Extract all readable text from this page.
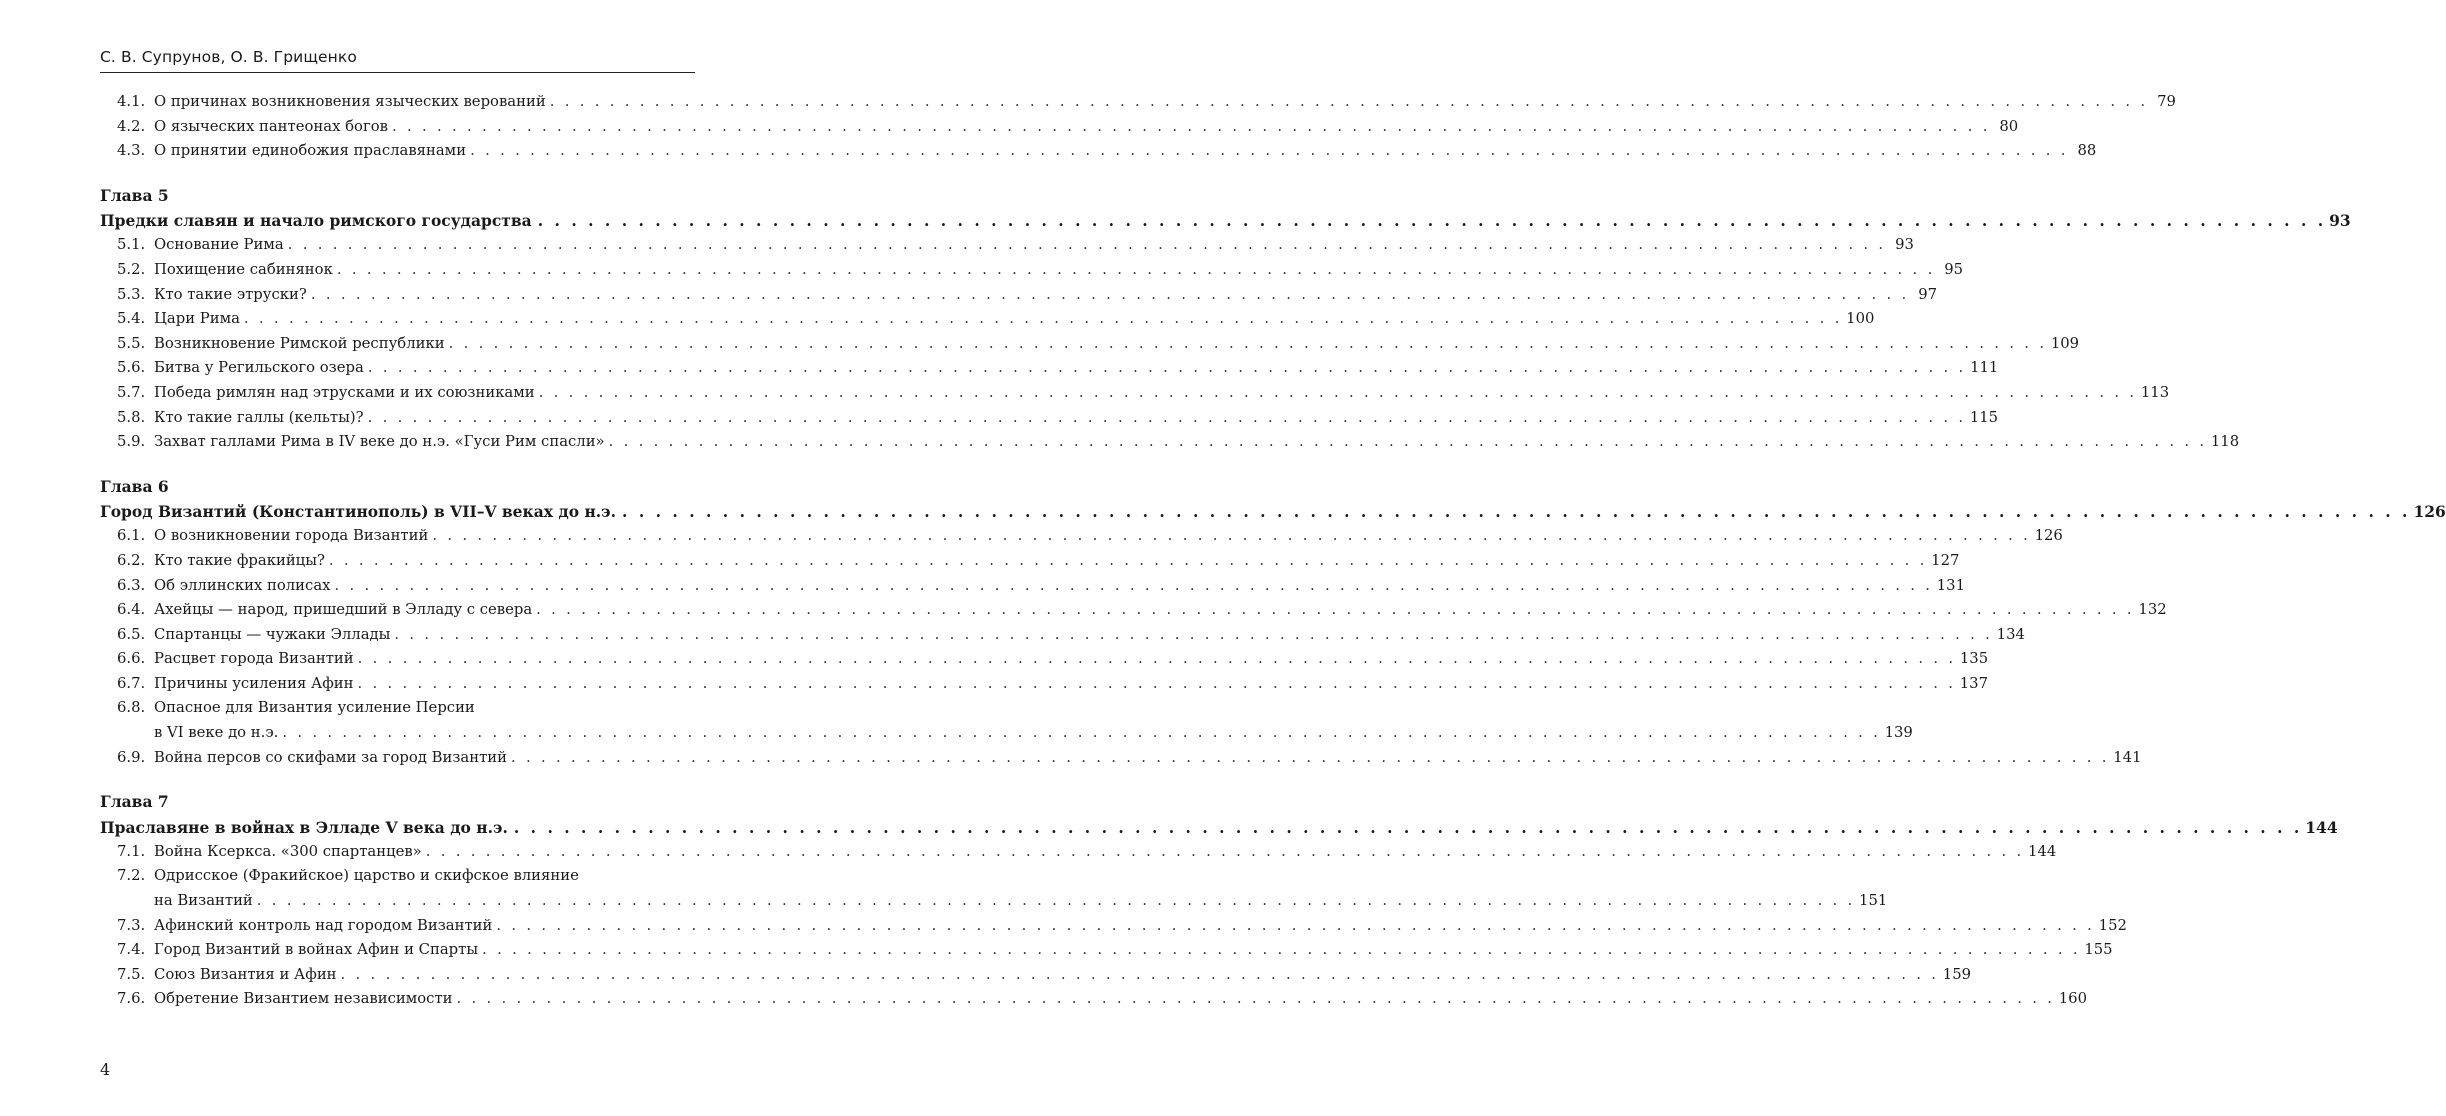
С. В. Супрунов, О. В. Грищенко
4.1. О причинах возникновения языческих верований . . . . . . . . . . . . . . . . . . . . . . . . . . . . . . . . . . . . . . . . . . . . . . . . . . . . . . . . . . . . . . . . . . . . . . . . . . . . . . . . . . . . . . . . . . . . . . . . . . . . . . . . . . . 79
4.2. О языческих пантеонах богов . . . . . . . . . . . . . . . . . . . . . . . . . . . . . . . . . . . . . . . . . . . . . . . . . . . . . . . . . . . . . . . . . . . . . . . . . . . . . . . . . . . . . . . . . . . . . . . . . . . . . . . . . . . 80
4.3. О принятии единобожия праславянами . . . . . . . . . . . . . . . . . . . . . . . . . . . . . . . . . . . . . . . . . . . . . . . . . . . . . . . . . . . . . . . . . . . . . . . . . . . . . . . . . . . . . . . . . . . . . . . . . . . . . . . . . . . 88
Глава 5
Предки славян и начало римского государства . . . . . . . . . . . . . . . . . . . . . . . . . . . . . . . . . . . . . . . . . . . . . . . . . . . . . . . . . . . . . . . . . . . . . . . . . . . . . . . . . . . . . . . . . . . . . . . . . . . . . . . . . . . 93
5.1. Основание Рима . . . . . . . . . . . . . . . . . . . . . . . . . . . . . . . . . . . . . . . . . . . . . . . . . . . . . . . . . . . . . . . . . . . . . . . . . . . . . . . . . . . . . . . . . . . . . . . . . . . . . . . . . . . 93
5.2. Похищение сабинянок . . . . . . . . . . . . . . . . . . . . . . . . . . . . . . . . . . . . . . . . . . . . . . . . . . . . . . . . . . . . . . . . . . . . . . . . . . . . . . . . . . . . . . . . . . . . . . . . . . . . . . . . . . . 95
5.3. Кто такие этруски? . . . . . . . . . . . . . . . . . . . . . . . . . . . . . . . . . . . . . . . . . . . . . . . . . . . . . . . . . . . . . . . . . . . . . . . . . . . . . . . . . . . . . . . . . . . . . . . . . . . . . . . . . . . 97
5.4. Цари Рима . . . . . . . . . . . . . . . . . . . . . . . . . . . . . . . . . . . . . . . . . . . . . . . . . . . . . . . . . . . . . . . . . . . . . . . . . . . . . . . . . . . . . . . . . . . . . . . . . . . . . . . . . . . 100
5.5. Возникновение Римской республики . . . . . . . . . . . . . . . . . . . . . . . . . . . . . . . . . . . . . . . . . . . . . . . . . . . . . . . . . . . . . . . . . . . . . . . . . . . . . . . . . . . . . . . . . . . . . . . . . . . . . . . . . . . 109
5.6. Битва у Регильского озера . . . . . . . . . . . . . . . . . . . . . . . . . . . . . . . . . . . . . . . . . . . . . . . . . . . . . . . . . . . . . . . . . . . . . . . . . . . . . . . . . . . . . . . . . . . . . . . . . . . . . . . . . . . 111
5.7. Победа римлян над этрусками и их союзниками . . . . . . . . . . . . . . . . . . . . . . . . . . . . . . . . . . . . . . . . . . . . . . . . . . . . . . . . . . . . . . . . . . . . . . . . . . . . . . . . . . . . . . . . . . . . . . . . . . . . . . . . . . . 113
5.8. Кто такие галлы (кельты)? . . . . . . . . . . . . . . . . . . . . . . . . . . . . . . . . . . . . . . . . . . . . . . . . . . . . . . . . . . . . . . . . . . . . . . . . . . . . . . . . . . . . . . . . . . . . . . . . . . . . . . . . . . . 115
5.9. Захват галлами Рима в IV веке до н.э. «Гуси Рим спасли» . . . . . . . . . . . . . . . . . . . . . . . . . . . . . . . . . . . . . . . . . . . . . . . . . . . . . . . . . . . . . . . . . . . . . . . . . . . . . . . . . . . . . . . . . . . . . . . . . . . . . . . . . . . 118
Глава 6
Город Византий (Константинополь) в VII–V веках до н.э. . . . . . . . . . . . . . . . . . . . . . . . . . . . . . . . . . . . . . . . . . . . . . . . . . . . . . . . . . . . . . . . . . . . . . . . . . . . . . . . . . . . . . . . . . . . . . . . . . . . . . . . . . . . 126
6.1. О возникновении города Византий . . . . . . . . . . . . . . . . . . . . . . . . . . . . . . . . . . . . . . . . . . . . . . . . . . . . . . . . . . . . . . . . . . . . . . . . . . . . . . . . . . . . . . . . . . . . . . . . . . . . . . . . . . . 126
6.2. Кто такие фракийцы? . . . . . . . . . . . . . . . . . . . . . . . . . . . . . . . . . . . . . . . . . . . . . . . . . . . . . . . . . . . . . . . . . . . . . . . . . . . . . . . . . . . . . . . . . . . . . . . . . . . . . . . . . . . 127
6.3. Об эллинских полисах . . . . . . . . . . . . . . . . . . . . . . . . . . . . . . . . . . . . . . . . . . . . . . . . . . . . . . . . . . . . . . . . . . . . . . . . . . . . . . . . . . . . . . . . . . . . . . . . . . . . . . . . . . . 131
6.4. Ахейцы — народ, пришедший в Элладу с севера . . . . . . . . . . . . . . . . . . . . . . . . . . . . . . . . . . . . . . . . . . . . . . . . . . . . . . . . . . . . . . . . . . . . . . . . . . . . . . . . . . . . . . . . . . . . . . . . . . . . . . . . . . . 132
6.5. Спартанцы — чужаки Эллады . . . . . . . . . . . . . . . . . . . . . . . . . . . . . . . . . . . . . . . . . . . . . . . . . . . . . . . . . . . . . . . . . . . . . . . . . . . . . . . . . . . . . . . . . . . . . . . . . . . . . . . . . . . 134
6.6. Расцвет города Византий . . . . . . . . . . . . . . . . . . . . . . . . . . . . . . . . . . . . . . . . . . . . . . . . . . . . . . . . . . . . . . . . . . . . . . . . . . . . . . . . . . . . . . . . . . . . . . . . . . . . . . . . . . . 135
6.7. Причины усиления Афин . . . . . . . . . . . . . . . . . . . . . . . . . . . . . . . . . . . . . . . . . . . . . . . . . . . . . . . . . . . . . . . . . . . . . . . . . . . . . . . . . . . . . . . . . . . . . . . . . . . . . . . . . . . 137
6.8. Опасное для Византия усиление Персии
в VI веке до н.э. . . . . . . . . . . . . . . . . . . . . . . . . . . . . . . . . . . . . . . . . . . . . . . . . . . . . . . . . . . . . . . . . . . . . . . . . . . . . . . . . . . . . . . . . . . . . . . . . . . . . . . . . . . . 139
6.9. Война персов со скифами за город Византий . . . . . . . . . . . . . . . . . . . . . . . . . . . . . . . . . . . . . . . . . . . . . . . . . . . . . . . . . . . . . . . . . . . . . . . . . . . . . . . . . . . . . . . . . . . . . . . . . . . . . . . . . . . 141
Глава 7
Праславяне в войнах в Элладе V века до н.э. . . . . . . . . . . . . . . . . . . . . . . . . . . . . . . . . . . . . . . . . . . . . . . . . . . . . . . . . . . . . . . . . . . . . . . . . . . . . . . . . . . . . . . . . . . . . . . . . . . . . . . . . . . . 144
7.1. Война Ксеркса. «300 спартанцев» . . . . . . . . . . . . . . . . . . . . . . . . . . . . . . . . . . . . . . . . . . . . . . . . . . . . . . . . . . . . . . . . . . . . . . . . . . . . . . . . . . . . . . . . . . . . . . . . . . . . . . . . . . . 144
7.2. Одрисское (Фракийское) царство и скифское влияние
на Византий . . . . . . . . . . . . . . . . . . . . . . . . . . . . . . . . . . . . . . . . . . . . . . . . . . . . . . . . . . . . . . . . . . . . . . . . . . . . . . . . . . . . . . . . . . . . . . . . . . . . . . . . . . . 151
7.3. Афинский контроль над городом Византий . . . . . . . . . . . . . . . . . . . . . . . . . . . . . . . . . . . . . . . . . . . . . . . . . . . . . . . . . . . . . . . . . . . . . . . . . . . . . . . . . . . . . . . . . . . . . . . . . . . . . . . . . . . 152
7.4. Город Византий в войнах Афин и Спарты . . . . . . . . . . . . . . . . . . . . . . . . . . . . . . . . . . . . . . . . . . . . . . . . . . . . . . . . . . . . . . . . . . . . . . . . . . . . . . . . . . . . . . . . . . . . . . . . . . . . . . . . . . . 155
7.5. Союз Византия и Афин . . . . . . . . . . . . . . . . . . . . . . . . . . . . . . . . . . . . . . . . . . . . . . . . . . . . . . . . . . . . . . . . . . . . . . . . . . . . . . . . . . . . . . . . . . . . . . . . . . . . . . . . . . . 159
7.6. Обретение Византием независимости . . . . . . . . . . . . . . . . . . . . . . . . . . . . . . . . . . . . . . . . . . . . . . . . . . . . . . . . . . . . . . . . . . . . . . . . . . . . . . . . . . . . . . . . . . . . . . . . . . . . . . . . . . . 160
4
